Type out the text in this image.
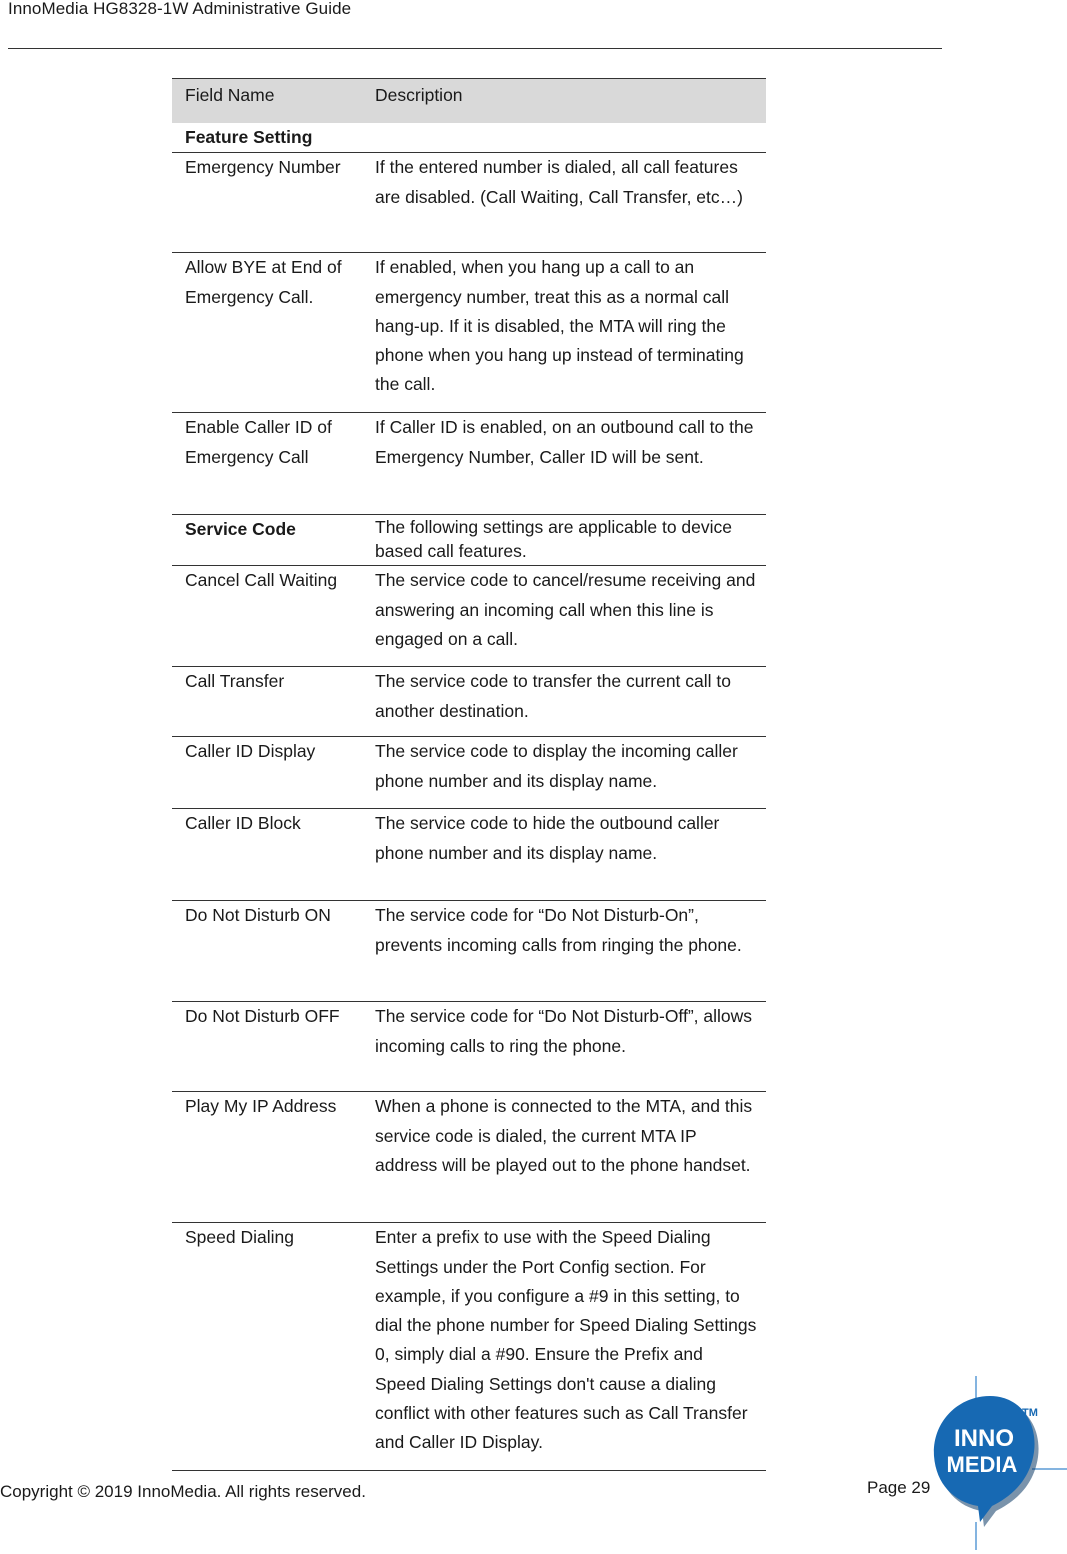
InnoMedia HG8328-1W Administrative Guide
Field Name	Description
Feature Setting	
Emergency Number	If the entered number is dialed, all call features are disabled. (Call Waiting, Call Transfer, etc…)
Allow BYE at End of Emergency Call.	If enabled, when you hang up a call to an emergency number, treat this as a normal call hang-up. If it is disabled, the MTA will ring the phone when you hang up instead of terminating the call.
Enable Caller ID of Emergency Call	If Caller ID is enabled, on an outbound call to the Emergency Number, Caller ID will be sent.
Service Code	The following settings are applicable to device based call features.
Cancel Call Waiting	The service code to cancel/resume receiving and answering an incoming call when this line is engaged on a call.
Call Transfer	The service code to transfer the current call to another destination.
Caller ID Display	The service code to display the incoming caller phone number and its display name.
Caller ID Block	The service code to hide the outbound caller phone number and its display name.
Do Not Disturb ON	The service code for “Do Not Disturb-On”, prevents incoming calls from ringing the phone.
Do Not Disturb OFF	The service code for “Do Not Disturb-Off”, allows incoming calls to ring the phone.
Play My IP Address	When a phone is connected to the MTA, and this service code is dialed, the current MTA IP address will be played out to the phone handset.
Speed Dialing	Enter a prefix to use with the Speed Dialing Settings under the Port Config section. For example, if you configure a #9 in this setting, to dial the phone number for Speed Dialing Settings 0, simply dial a #90. Ensure the Prefix and Speed Dialing Settings don't cause a dialing conflict with other features such as Call Transfer and Caller ID Display.
Copyright © 2019 InnoMedia. All rights reserved.	Page 29
INNO
MEDIA
TM
